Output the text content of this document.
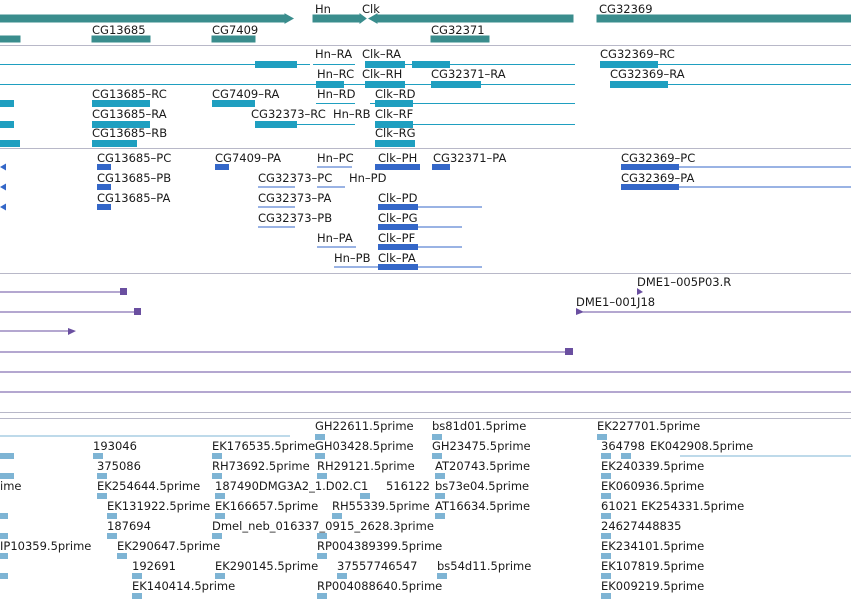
Hn	Clk	CG32369
CG13685	CG7409	CG32371
Hn–RA Clk–RA	CG32369–RC
Hn–RC Clk–RH CG32371–RA	CG32369–RA
CG13685–RC	CG7409–RA	Hn–RD Clk–RD
CG13685–RA	CG32373–RC Hn–RB Clk–RF
CG13685–RB	Clk–RG
CG13685–PC	CG7409–PA	Hn–PC Clk–PH CG32371–PA	CG32369–PC
CG13685–PB	CG32373–PC Hn–PD	CG32369–PA
CG13685–PA	CG32373–PA	Clk–PD
CG32373–PB	Clk–PG
Hn–PA Clk–PF
Hn–PB Clk–PA
DME1–005P03.R
DME1–001J18
GH22611.5prime bs81d01.5prime	EK227701.5prime
193046	EK176535.5prime GH03428.5prime GH23475.5prime	364798 EK042908.5prime
375086	RH73692.5prime RH29121.5prime AT20743.5prime	EK240339.5prime
ime	EK254644.5prime 187490DMG3A2_1.D02.C1 516122 bs73e04.5prime	EK060936.5prime
EK131922.5prime EK166657.5prime RH55339.5prime AT16634.5prime	61021 EK254331.5prime
187694	Dmel_neb_016337_0915_2628.3prime	24627448835
IP10359.5prime EK290647.5prime	RP004389399.5prime	EK234101.5prime
192691	EK290145.5prime 37557746547 bs54d11.5prime	EK107819.5prime
EK140414.5prime	RP004088640.5prime	EK009219.5prime
